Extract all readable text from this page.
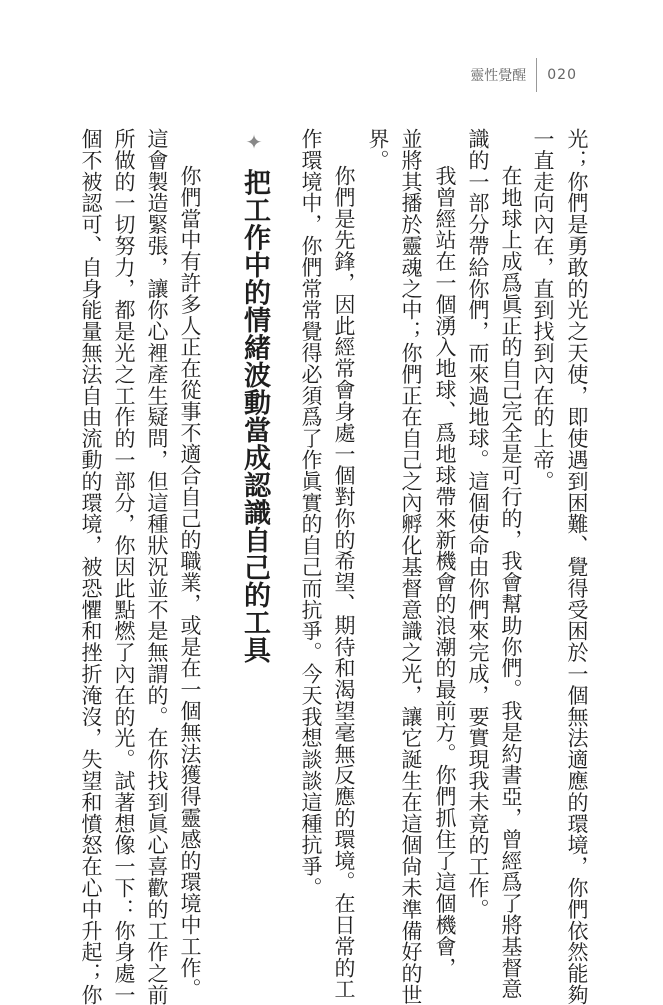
靈性覺醒 020
光；你們是勇敢的光之天使，即使遇到困難、覺得受困於一個無法適應的環境，你們依然能夠
一直走向內在，直到找到內在的上帝。
在地球上成爲眞正的自己完全是可行的，我會幫助你們。我是約書亞，曾經爲了將基督意
識的一部分帶給你們，而來過地球。這個使命由你們來完成，要實現我未竟的工作。
我曾經站在一個湧入地球、爲地球帶來新機會的浪潮的最前方。你們抓住了這個機會，
並將其播於靈魂之中；你們正在自己之內孵化基督意識之光，讓它誕生在這個尙未準備好的世
界。
你們是先鋒，因此經常會身處一個對你的希望、期待和渴望毫無反應的環境。在日常的工
作環境中，你們常常覺得必須爲了作眞實的自己而抗爭。今天我想談談這種抗爭。
✦把工作中的情緒波動當成認識自己的工具
你們當中有許多人正在從事不適合自己的職業，或是在一個無法獲得靈感的環境中工作。
這會製造緊張，讓你心裡產生疑問，但這種狀況並不是無謂的。在你找到眞心喜歡的工作之前
所做的一切努力，都是光之工作的一部分，你因此點燃了內在的光。試著想像一下：你身處一
個不被認可、自身能量無法自由流動的環境，被恐懼和挫折淹沒，失望和憤怒在心中升起；你
